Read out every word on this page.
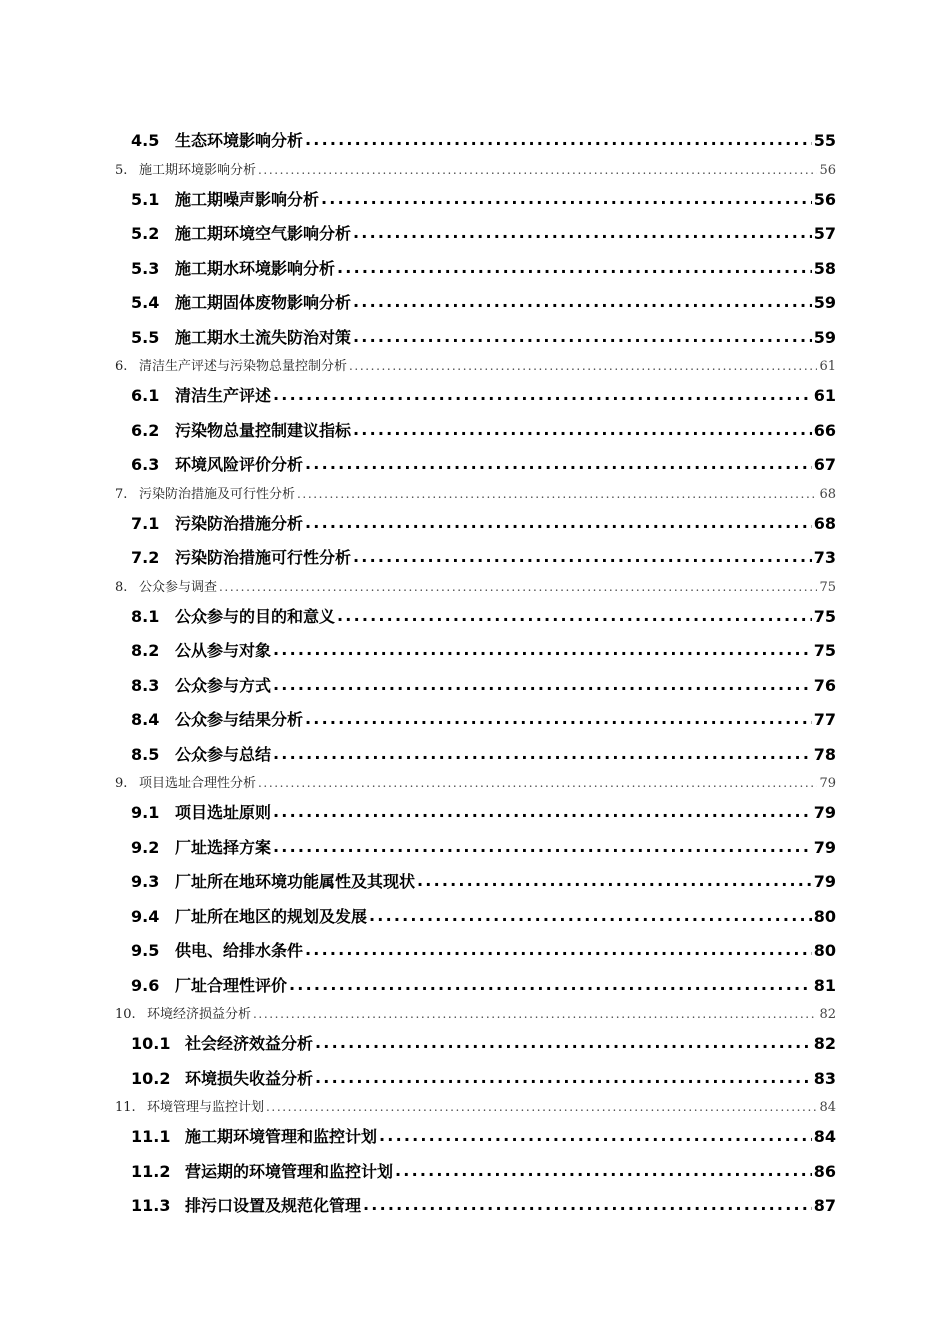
4.5 生态环境影响分析 .....	55
5. 施工期环境影响分析 .....	56
5.1 施工期噪声影响分析 .....	56
5.2 施工期环境空气影响分析 .....	57
5.3 施工期水环境影响分析 .....	58
5.4 施工期固体废物影响分析 .....	59
5.5 施工期水土流失防治对策 .....	59
6. 清洁生产评述与污染物总量控制分析 .....	61
6.1 清洁生产评述 .....	61
6.2 污染物总量控制建议指标 .....	66
6.3 环境风险评价分析 .....	67
7. 污染防治措施及可行性分析 .....	68
7.1 污染防治措施分析 .....	68
7.2 污染防治措施可行性分析 .....	73
8. 公众参与调查 .....	75
8.1 公众参与的目的和意义 .....	75
8.2 公从参与对象 .....	75
8.3 公众参与方式 .....	76
8.4 公众参与结果分析 .....	77
8.5 公众参与总结 .....	78
9. 项目选址合理性分析 .....	79
9.1 项目选址原则 .....	79
9.2 厂址选择方案 .....	79
9.3 厂址所在地环境功能属性及其现状 .....	79
9.4 厂址所在地区的规划及发展 .....	80
9.5 供电、给排水条件 .....	80
9.6 厂址合理性评价 .....	81
10. 环境经济损益分析 .....	82
10.1 社会经济效益分析 .....	82
10.2 环境损失收益分析 .....	83
11. 环境管理与监控计划 .....	84
11.1 施工期环境管理和监控计划 .....	84
11.2 营运期的环境管理和监控计划 .....	86
11.3 排污口设置及规范化管理 .....	87
